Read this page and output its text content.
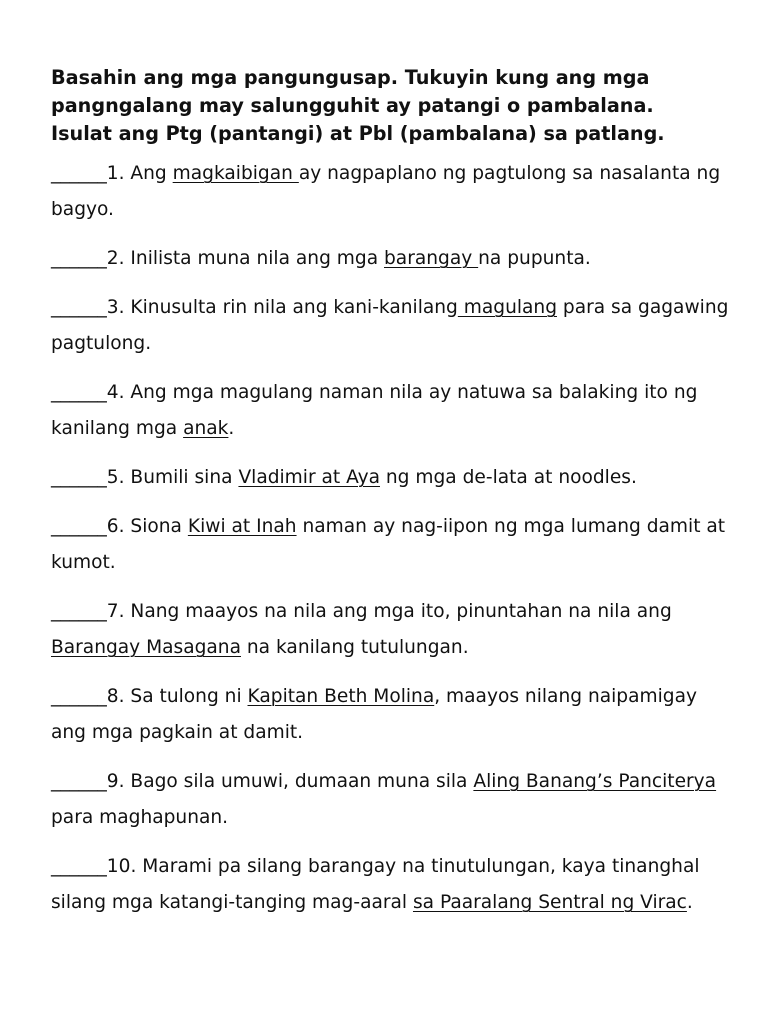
Basahin ang mga pangungusap. Tukuyin kung ang mga
pangngalang may salungguhit ay patangi o pambalana.
Isulat ang Ptg (pantangi) at Pbl (pambalana) sa patlang.
______1. Ang magkaibigan ay nagpaplano ng pagtulong sa nasalanta ng bagyo.
______2. Inilista muna nila ang mga barangay na pupunta.
______3. Kinusulta rin nila ang kani-kanilang magulang para sa gagawing pagtulong.
______4. Ang mga magulang naman nila ay natuwa sa balaking ito ng kanilang mga anak.
______5. Bumili sina Vladimir at Aya ng mga de-lata at noodles.
______6. Siona Kiwi at Inah naman ay nag-iipon ng mga lumang damit at kumot.
______7. Nang maayos na nila ang mga ito, pinuntahan na nila ang Barangay Masagana na kanilang tutulungan.
______8. Sa tulong ni Kapitan Beth Molina, maayos nilang naipamigay ang mga pagkain at damit.
______9. Bago sila umuwi, dumaan muna sila Aling Banang’s Panciterya para maghapunan.
______10. Marami pa silang barangay na tinutulungan, kaya tinanghal silang mga katangi-tanging mag-aaral sa Paaralang Sentral ng Virac.
